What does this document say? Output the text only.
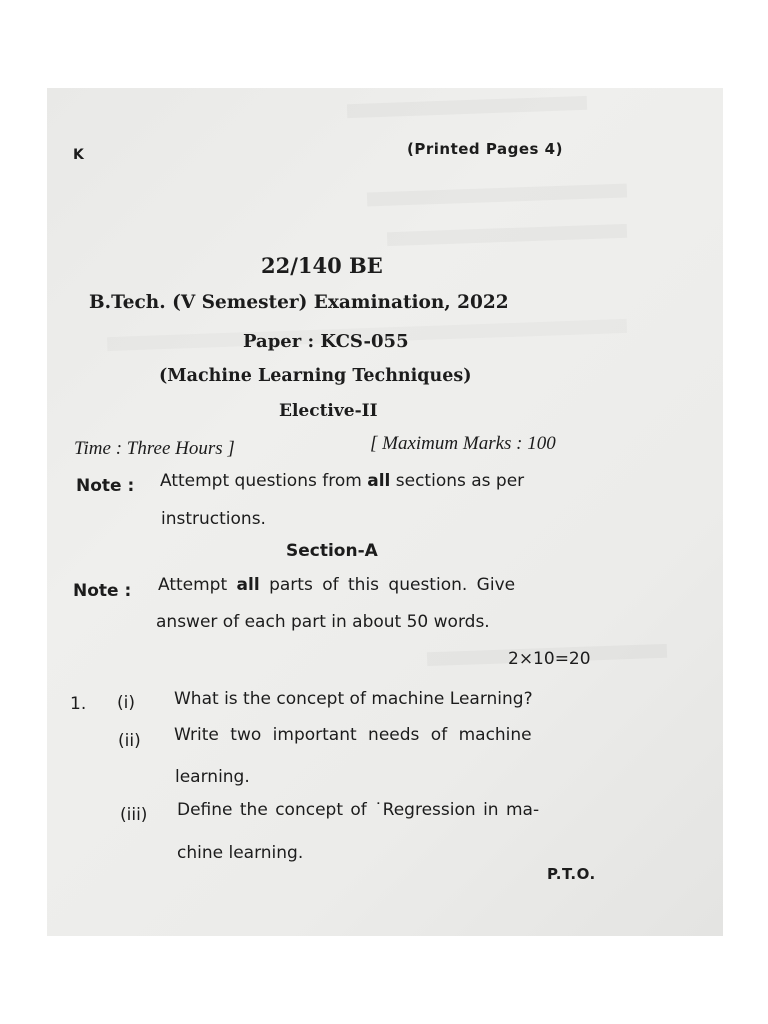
K	(Printed Pages 4)
22/140 BE
B.Tech. (V Semester) Examination, 2022
Paper : KCS-055
(Machine Learning Techniques)
Elective-II
Time : Three Hours ]	[ Maximum Marks : 100
Note : Attempt questions from all sections as per
instructions.
Section-A
Note : Attempt all parts of this question. Give
answer of each part in about 50 words.
2×10=20
1. (i) What is the concept of machine Learning?
(ii) Write two important needs of machine
learning.
(iii) Define the concept of ˙Regression in ma-
chine learning.
P.T.O.
